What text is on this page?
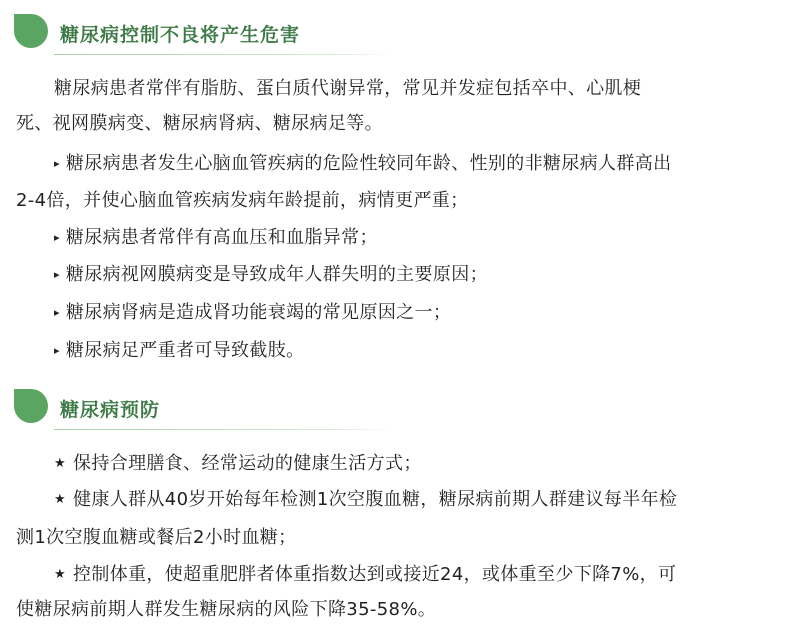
糖尿病控制不良将产生危害
糖尿病患者常伴有脂肪、蛋白质代谢异常，常见并发症包括卒中、心肌梗
死、视网膜病变、糖尿病肾病、糖尿病足等。
▸ 糖尿病患者发生心脑血管疾病的危险性较同年龄、性别的非糖尿病人群高出
2-4倍，并使心脑血管疾病发病年龄提前，病情更严重；
▸ 糖尿病患者常伴有高血压和血脂异常；
▸ 糖尿病视网膜病变是导致成年人群失明的主要原因；
▸ 糖尿病肾病是造成肾功能衰竭的常见原因之一；
▸ 糖尿病足严重者可导致截肢。
糖尿病预防
★ 保持合理膳食、经常运动的健康生活方式；
★ 健康人群从40岁开始每年检测1次空腹血糖，糖尿病前期人群建议每半年检
测1次空腹血糖或餐后2小时血糖；
★ 控制体重，使超重肥胖者体重指数达到或接近24，或体重至少下降7%，可
使糖尿病前期人群发生糖尿病的风险下降35-58%。
